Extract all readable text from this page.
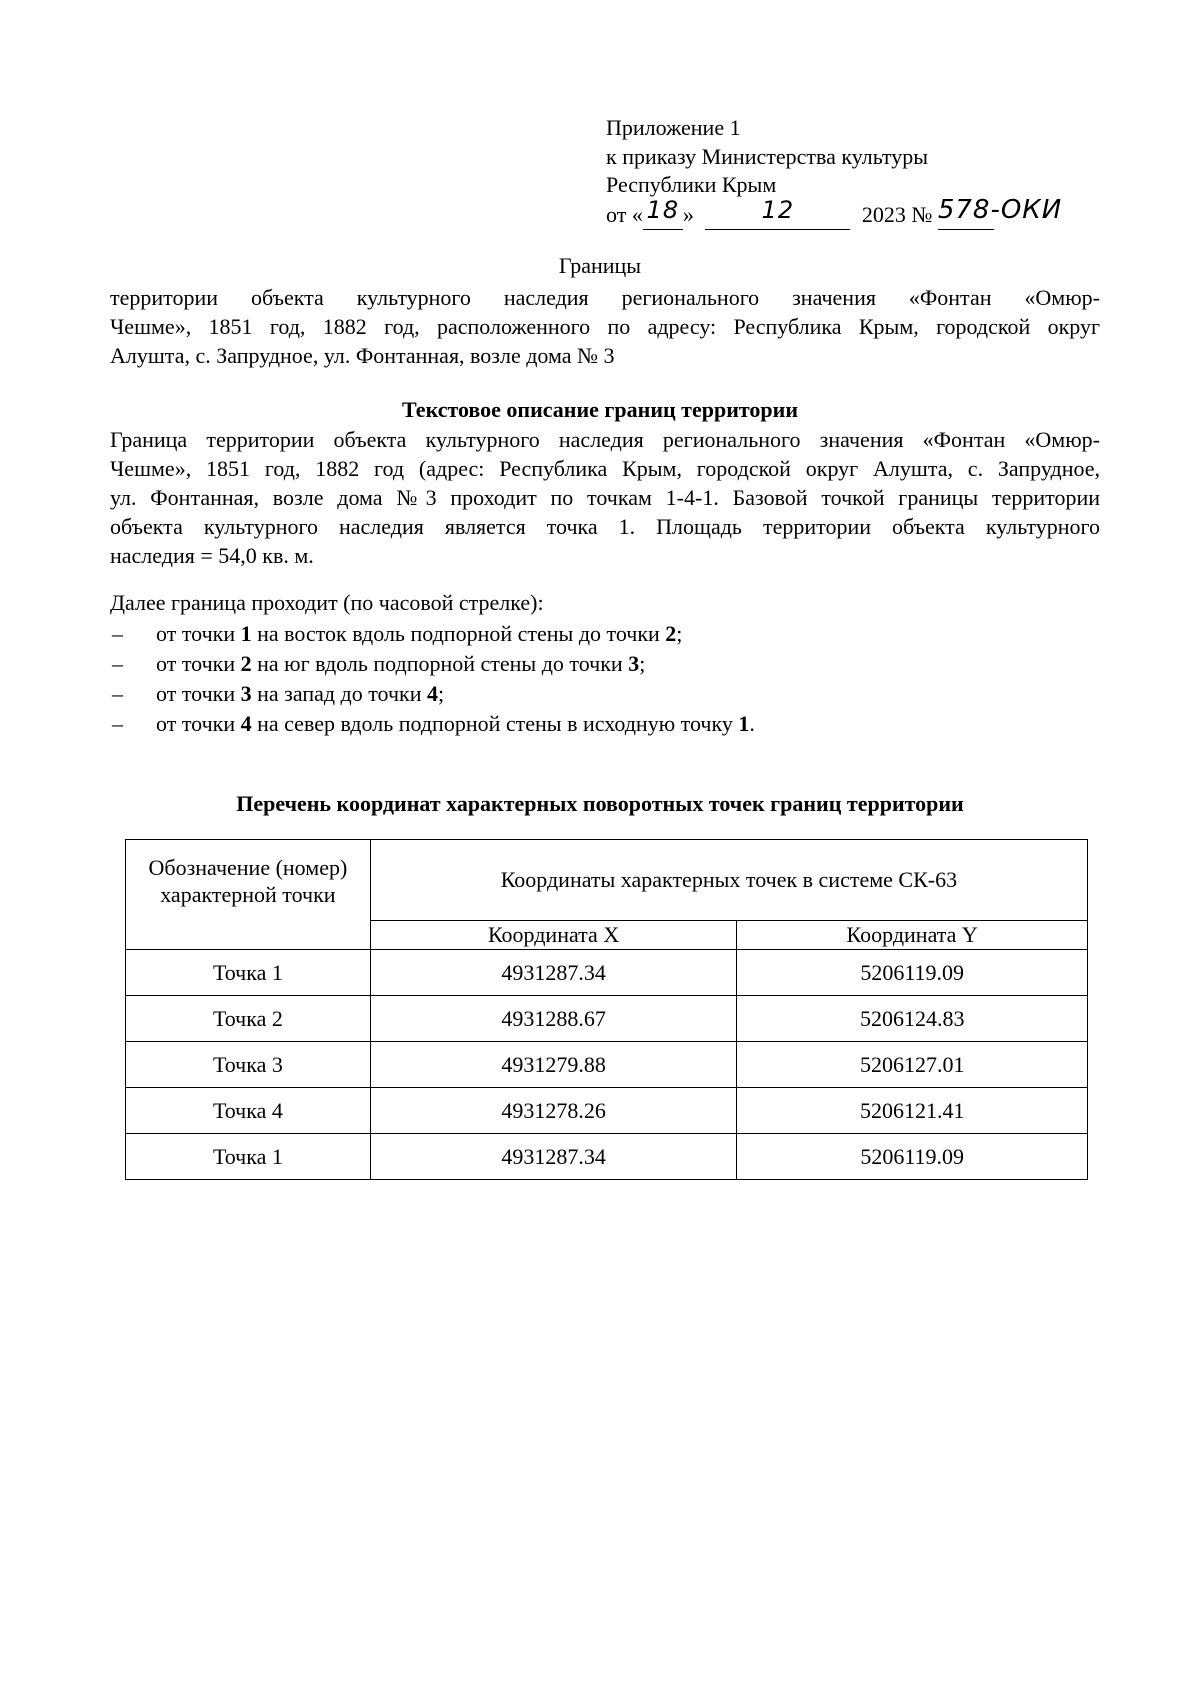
Приложение 1
к приказу Министерства культуры
Республики Крым
от « 18 »	12	2023 № 578-ОКИ
Границы
территории объекта культурного наследия регионального значения «Фонтан «Омюр-
Чешме», 1851 год, 1882 год, расположенного по адресу: Республика Крым, городской округ
Алушта, с. Запрудное, ул. Фонтанная, возле дома № 3
Текстовое описание границ территории
Граница территории объекта культурного наследия регионального значения «Фонтан «Омюр-
Чешме», 1851 год, 1882 год (адрес: Республика Крым, городской округ Алушта, с. Запрудное,
ул. Фонтанная, возле дома №3 проходит по точкам 1-4-1. Базовой точкой границы территории
объекта культурного наследия является точка 1. Площадь территории объекта культурного
наследия = 54,0 кв. м.
Далее граница проходит (по часовой стрелке):
– от точки 1 на восток вдоль подпорной стены до точки 2;
– от точки 2 на юг вдоль подпорной стены до точки 3;
– от точки 3 на запад до точки 4;
– от точки 4 на север вдоль подпорной стены в исходную точку 1.
Перечень координат характерных поворотных точек границ территории
Обозначение (номер) характерной точки	Координаты характерных точек в системе СК-63	
	Координата X	Координата Y
Точка 1	4931287.34	5206119.09
Точка 2	4931288.67	5206124.83
Точка 3	4931279.88	5206127.01
Точка 4	4931278.26	5206121.41
Точка 1	4931287.34	5206119.09
